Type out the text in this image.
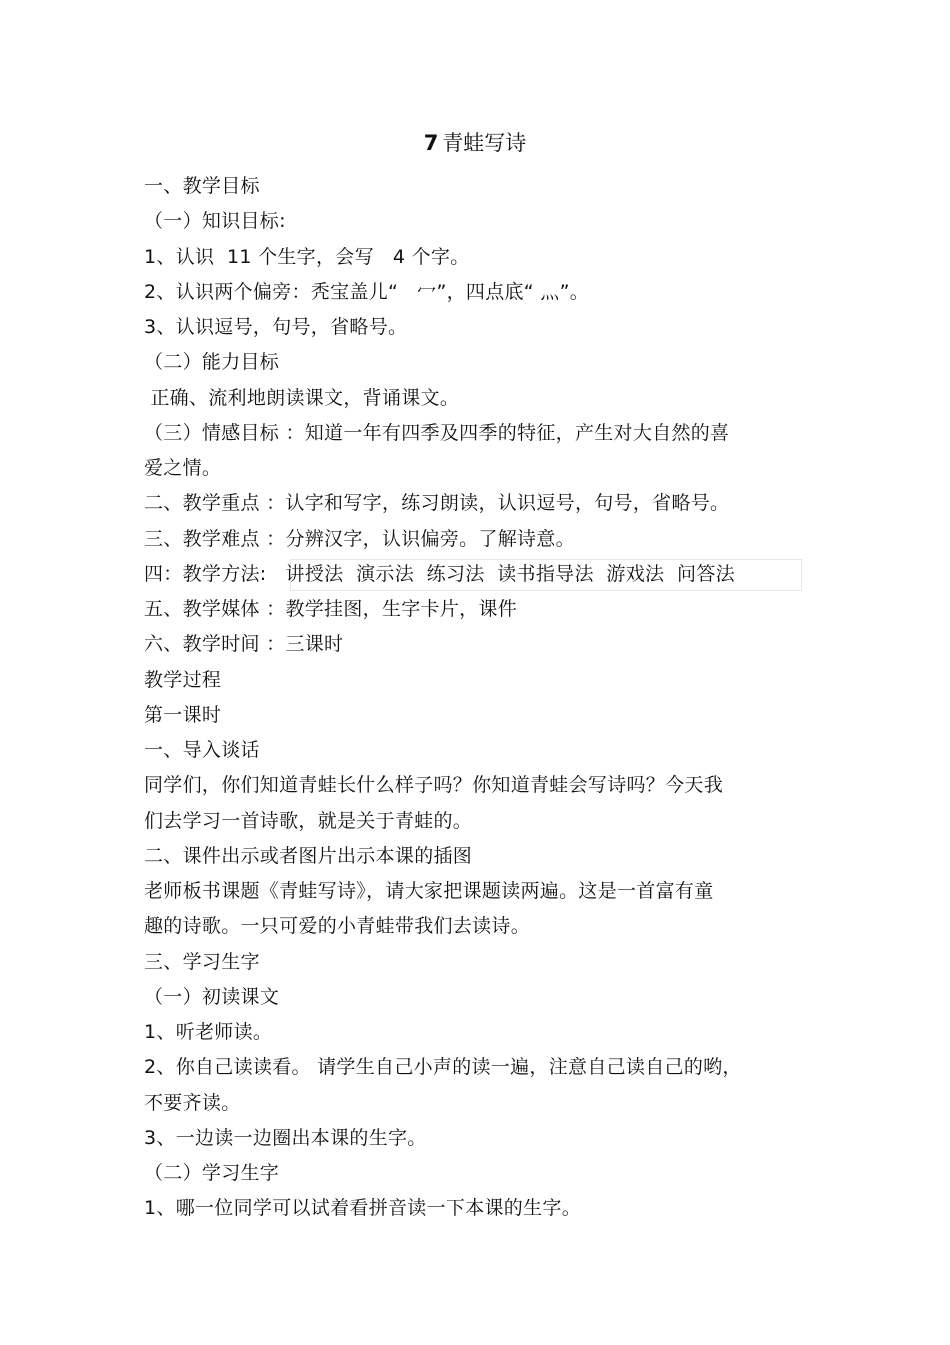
7 青蛙写诗
一、教学目标
（一）知识目标:
1、认识  11 个生字，会写   4 个字。
2、认识两个偏旁：秃宝盖儿“   冖”，四点底“ 灬”。
3、认识逗号，句号，省略号。
（二）能力目标
正确、流利地朗读课文，背诵课文。
（三）情感目标 ：知道一年有四季及四季的特征，产生对大自然的喜
爱之情。
二、教学重点 ：认字和写字，练习朗读，认识逗号，句号，省略号。
三、教学难点 ：分辨汉字，认识偏旁。了解诗意。
四：教学方法:   讲授法  演示法  练习法  读书指导法  游戏法  问答法
五、教学媒体 ：教学挂图，生字卡片，课件
六、教学时间 ：三课时
教学过程
第一课时
一、导入谈话
同学们，你们知道青蛙长什么样子吗？你知道青蛙会写诗吗？今天我
们去学习一首诗歌，就是关于青蛙的。
二、课件出示或者图片出示本课的插图
老师板书课题《青蛙写诗》，请大家把课题读两遍。这是一首富有童
趣的诗歌。一只可爱的小青蛙带我们去读诗。
三、学习生字
（一）初读课文
1、听老师读。
2、你自己读读看。 请学生自己小声的读一遍，注意自己读自己的哟，
不要齐读。
3、一边读一边圈出本课的生字。
（二）学习生字
1、哪一位同学可以试着看拼音读一下本课的生字。
